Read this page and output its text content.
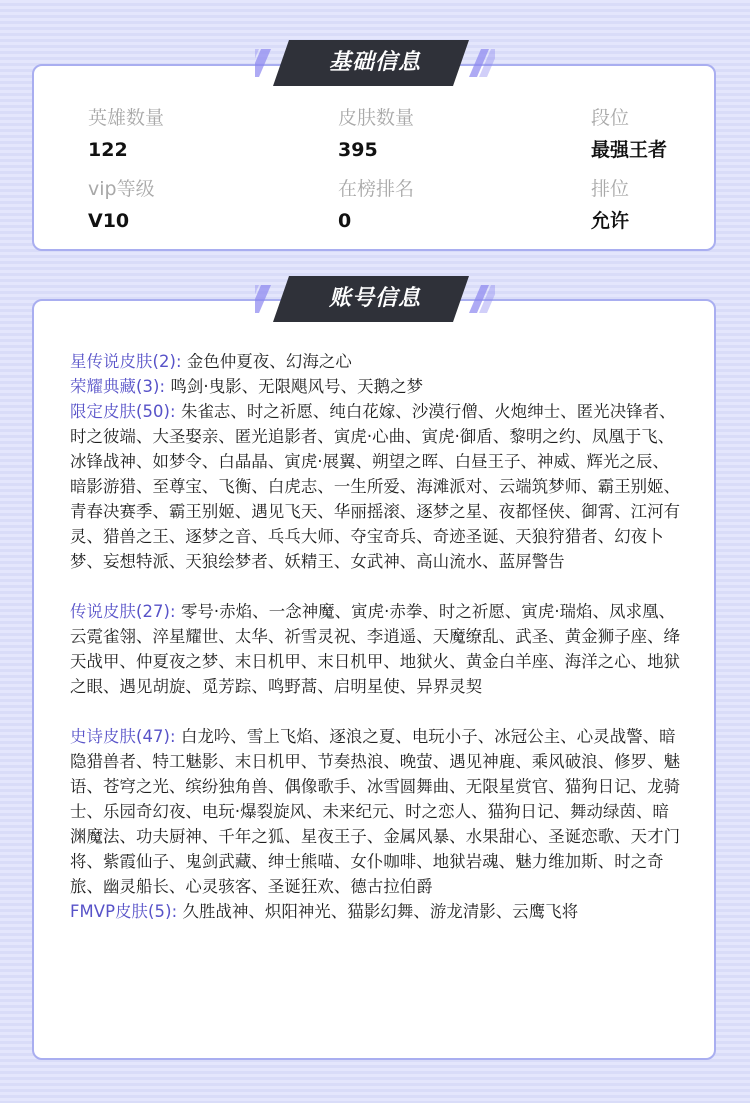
英雄数量
122
皮肤数量
395
段位
最强王者
vip等级
V10
在榜排名
0
排位
允许
基础信息

星传说皮肤(2): 金色仲夏夜、幻海之心

荣耀典藏(3): 鸣剑·曳影、无限飓风号、天鹅之梦

限定皮肤(50): 朱雀志、时之祈愿、纯白花嫁、沙漠行僧、火炮绅士、匿光决锋者、时之彼端、大圣娶亲、匿光追影者、寅虎·心曲、寅虎·御盾、黎明之约、凤凰于飞、冰锋战神、如梦令、白晶晶、寅虎·展翼、朔望之晖、白昼王子、神威、辉光之辰、暗影游猎、至尊宝、飞衡、白虎志、一生所爱、海滩派对、云端筑梦师、霸王别姬、青春决赛季、霸王别姬、遇见飞天、华丽摇滚、逐梦之星、夜都怪侠、御霄、江河有灵、猎兽之王、逐梦之音、乓乓大师、夺宝奇兵、奇迹圣诞、天狼狩猎者、幻夜卜梦、妄想特派、天狼绘梦者、妖精王、女武神、高山流水、蓝屏警告

传说皮肤(27): 零号·赤焰、一念神魔、寅虎·赤拳、时之祈愿、寅虎·瑞焰、凤求凰、云霓雀翎、淬星耀世、太华、祈雪灵祝、李逍遥、天魔缭乱、武圣、黄金狮子座、绛天战甲、仲夏夜之梦、末日机甲、末日机甲、地狱火、黄金白羊座、海洋之心、地狱之眼、遇见胡旋、觅芳踪、鸣野蒿、启明星使、异界灵契

史诗皮肤(47): 白龙吟、雪上飞焰、逐浪之夏、电玩小子、冰冠公主、心灵战警、暗隐猎兽者、特工魅影、末日机甲、节奏热浪、晚萤、遇见神鹿、乘风破浪、修罗、魅语、苍穹之光、缤纷独角兽、偶像歌手、冰雪圆舞曲、无限星赏官、猫狗日记、龙骑士、乐园奇幻夜、电玩·爆裂旋风、未来纪元、时之恋人、猫狗日记、舞动绿茵、暗渊魔法、功夫厨神、千年之狐、星夜王子、金属风暴、水果甜心、圣诞恋歌、天才门将、紫霞仙子、鬼剑武藏、绅士熊喵、女仆咖啡、地狱岩魂、魅力维加斯、时之奇旅、幽灵船长、心灵骇客、圣诞狂欢、德古拉伯爵

FMVP皮肤(5): 久胜战神、炽阳神光、猫影幻舞、游龙清影、云鹰飞将

账号信息
